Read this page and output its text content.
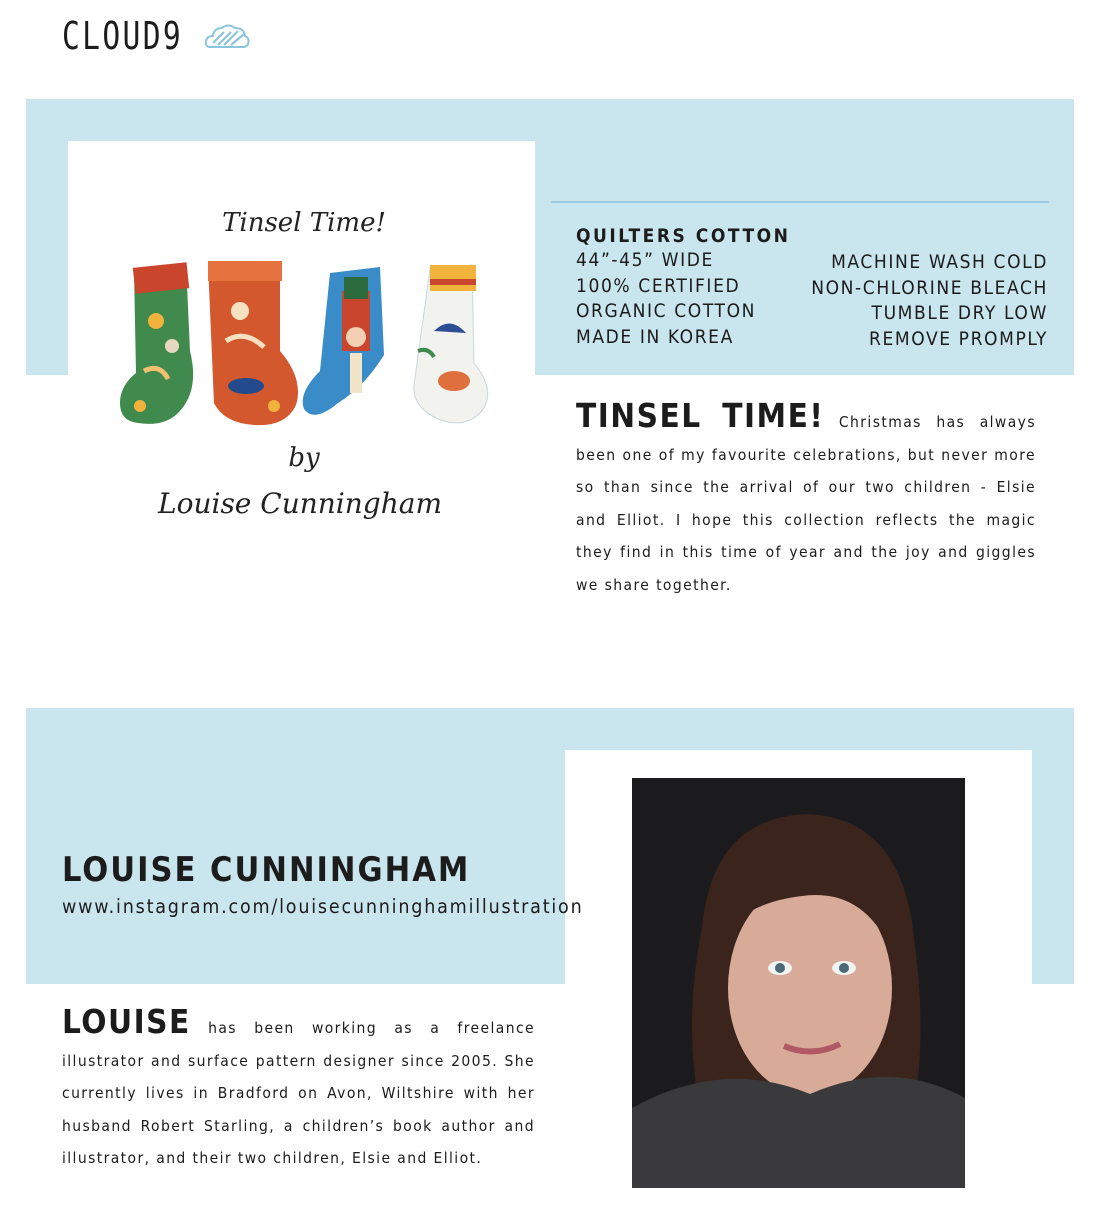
CLOUD9
Tinsel Time!
by
Louise Cunningham
QUILTERS COTTON
44”-45” WIDE
100% CERTIFIED
ORGANIC COTTON
MADE IN KOREA
MACHINE WASH COLD
NON-CHLORINE BLEACH
TUMBLE DRY LOW
REMOVE PROMPLY
TINSEL TIME! Christmas has always been one of my favourite celebrations, but never more so than since the arrival of our two children - Elsie and Elliot. I hope this collection reflects the magic they find in this time of year and the joy and giggles we share together.
LOUISE CUNNINGHAM
www.instagram.com/louisecunninghamillustration
LOUISE has been working as a freelance illustrator and surface pattern designer since 2005. She currently lives in Bradford on Avon, Wiltshire with her husband Robert Starling, a children’s book author and illustrator, and their two children, Elsie and Elliot.
